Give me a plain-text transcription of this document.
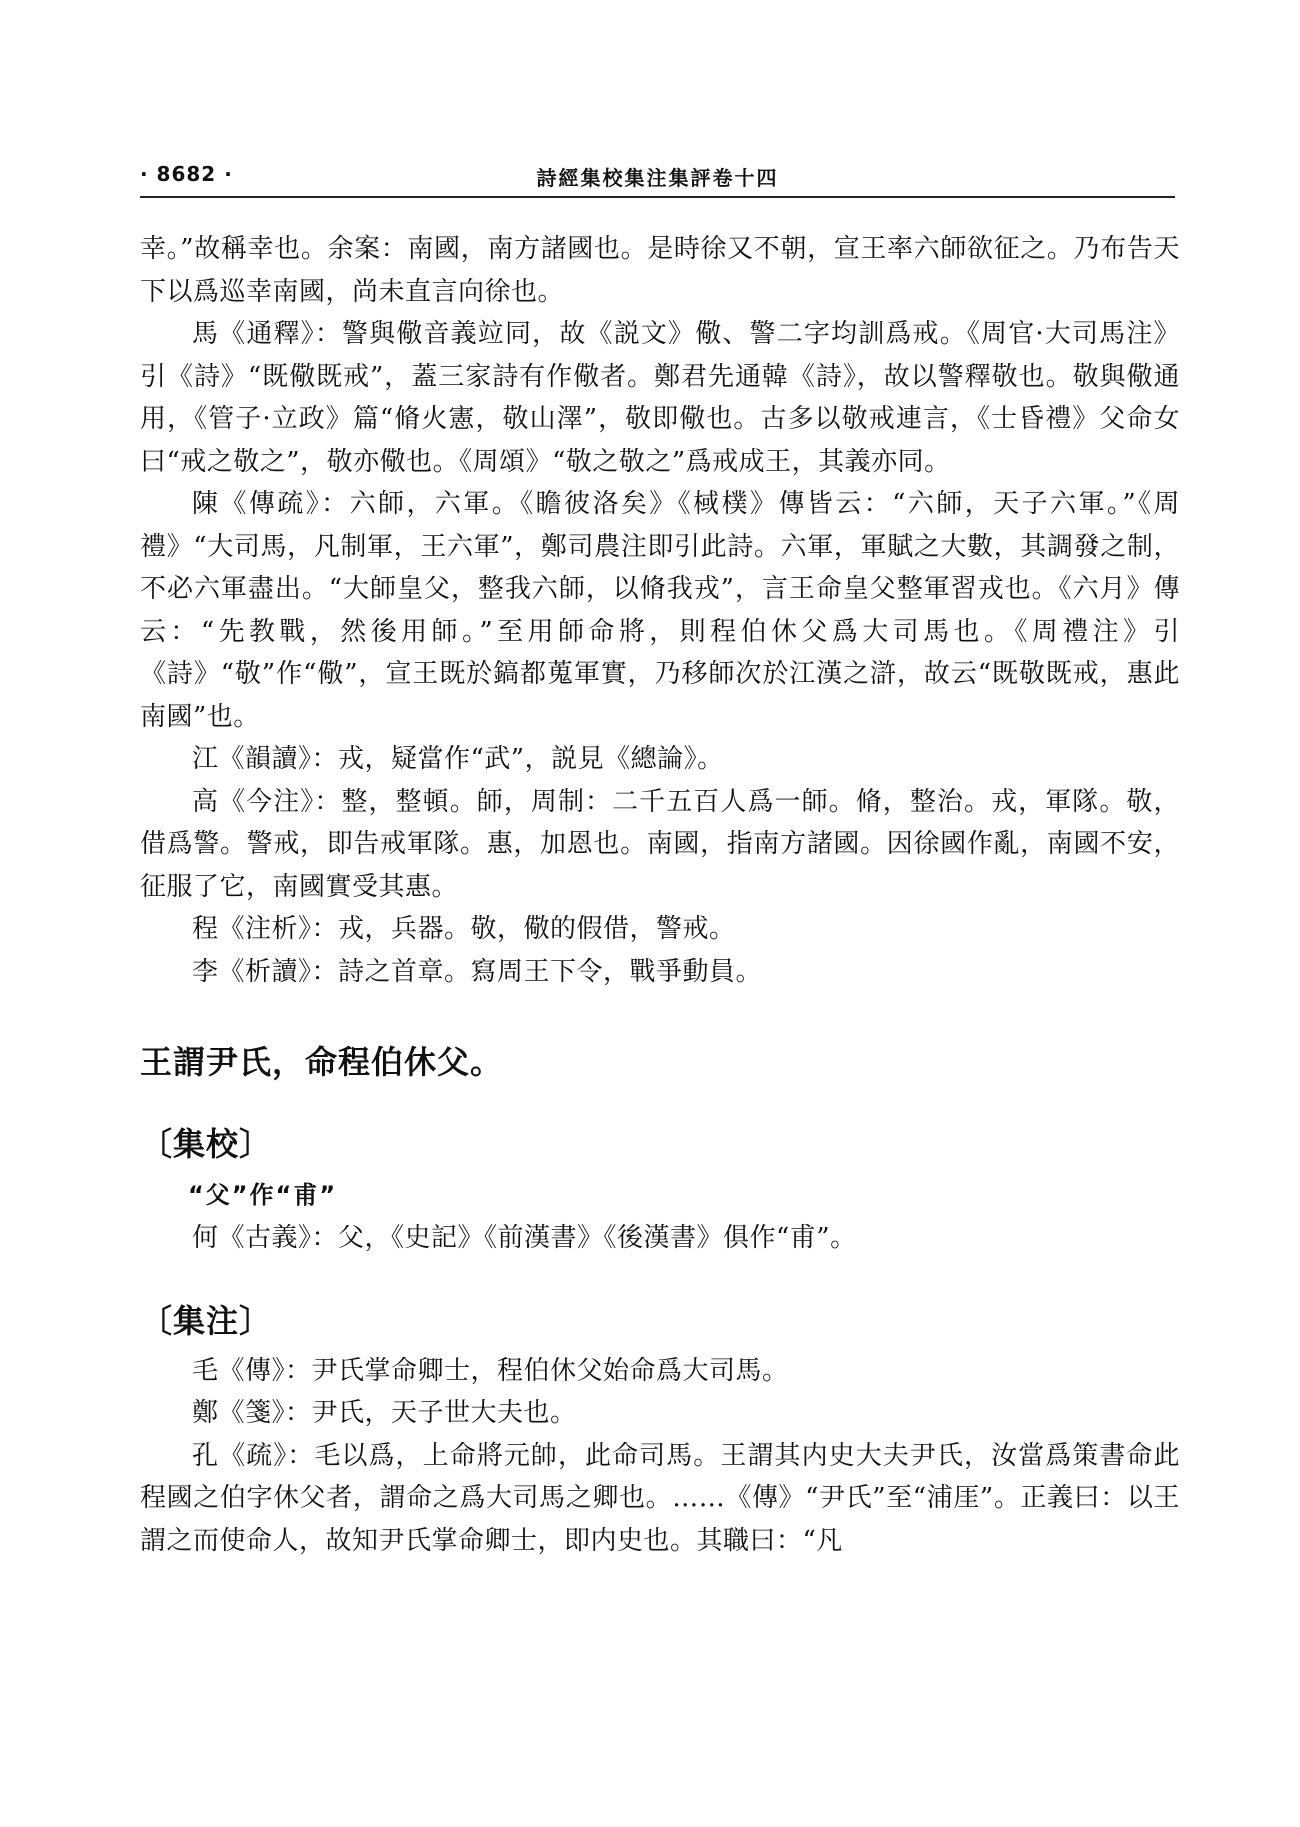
· 8682 ·	詩經集校集注集評卷十四

幸。”故稱幸也。余案：南國，南方諸國也。是時徐又不朝，宣王率六師欲征之。乃布告天下以爲巡幸南國，尚未直言向徐也。

馬《通釋》：警與儆音義竝同，故《説文》儆、警二字均訓爲戒。《周官·大司馬注》引《詩》“既儆既戒”，蓋三家詩有作儆者。鄭君先通韓《詩》，故以警釋敬也。敬與儆通用，《管子·立政》篇“脩火憲，敬山澤”，敬即儆也。古多以敬戒連言，《士昏禮》父命女曰“戒之敬之”，敬亦儆也。《周頌》“敬之敬之”爲戒成王，其義亦同。

陳《傳疏》：六師，六軍。《瞻彼洛矣》《棫樸》傳皆云：“六師，天子六軍。”《周禮》“大司馬，凡制軍，王六軍”，鄭司農注即引此詩。六軍，軍賦之大數，其調發之制，不必六軍盡出。“大師皇父，整我六師，以脩我戎”，言王命皇父整軍習戎也。《六月》傳云：“先教戰，然後用師。”至用師命將，則程伯休父爲大司馬也。《周禮注》引《詩》“敬”作“儆”，宣王既於鎬都蒐軍實，乃移師次於江漢之滸，故云“既敬既戒，惠此南國”也。

江《韻讀》：戎，疑當作“武”，説見《總論》。

高《今注》：整，整頓。師，周制：二千五百人爲一師。脩，整治。戎，軍隊。敬，借爲警。警戒，即告戒軍隊。惠，加恩也。南國，指南方諸國。因徐國作亂，南國不安，征服了它，南國實受其惠。

程《注析》：戎，兵器。敬，儆的假借，警戒。

李《析讀》：詩之首章。寫周王下令，戰爭動員。

王謂尹氏，命程伯休父。
〔集校〕
“父”作“甫”

何《古義》：父，《史記》《前漢書》《後漢書》俱作“甫”。

〔集注〕

毛《傳》：尹氏掌命卿士，程伯休父始命爲大司馬。

鄭《箋》：尹氏，天子世大夫也。

孔《疏》：毛以爲，上命將元帥，此命司馬。王謂其内史大夫尹氏，汝當爲策書命此程國之伯字休父者，謂命之爲大司馬之卿也。……《傳》“尹氏”至“浦厓”。正義曰：以王謂之而使命人，故知尹氏掌命卿士，即内史也。其職曰：“凡
